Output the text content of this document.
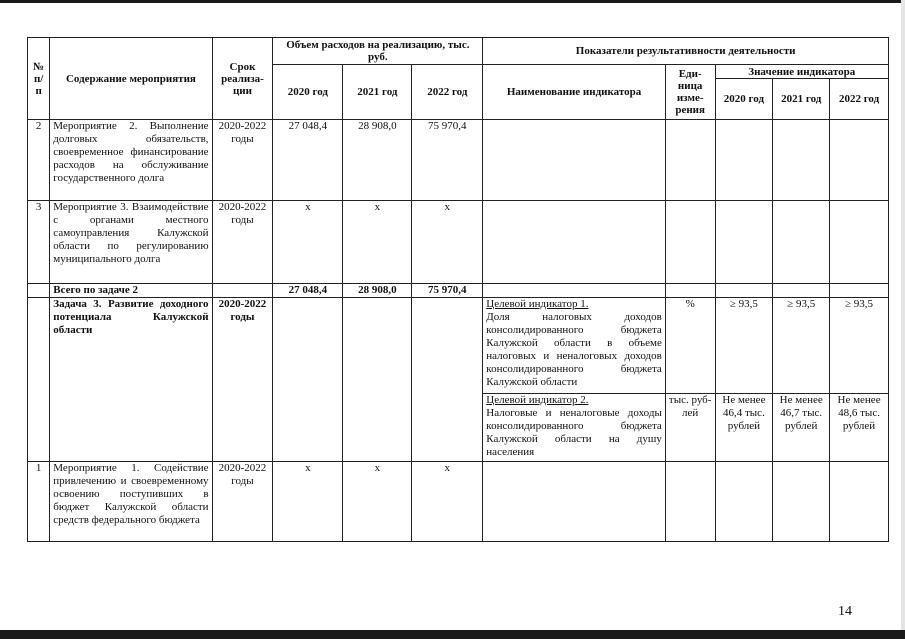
№ п/п	Содержание мероприятия	Срок реализа-ции	Объем расходов на реализацию, тыс. руб.			Показатели результативности деятельности				
			2020 год	2021 год	2022 год	Наименование индикатора	Еди-ница изме-рения	Значение индикатора		
								2020 год	2021 год	2022 год
2	Мероприятие 2. Выполнение долговых обязательств, своевременное финансирование расходов на обслуживание государственного долга	2020-2022 годы	27 048,4	28 908,0	75 970,4					
3	Мероприятие 3. Взаимодействие с органами местного самоуправления Калужской области по регулированию муниципального долга	2020-2022 годы	x	x	x					
	Всего по задаче 2		27 048,4	28 908,0	75 970,4					
	Задача 3. Развитие доходного потенциала Калужской области	2020-2022 годы				Целевой индикатор 1.
Доля налоговых доходов консолидированного бюджета Калужской области в объеме налоговых и неналоговых доходов консолидированного бюджета Калужской области	%	≥ 93,5	≥ 93,5	≥ 93,5
						Целевой индикатор 2.
Налоговые и неналоговые доходы консолидированного бюджета Калужской области на душу населения	тыс. руб-лей	Не менее 46,4 тыс. рублей	Не менее 46,7 тыс. рублей	Не менее 48,6 тыс. рублей
1	Мероприятие 1. Содействие привлечению и своевременному освоению поступивших в бюджет Калужской области средств федерального бюджета	2020-2022 годы	x	x	x					
14
